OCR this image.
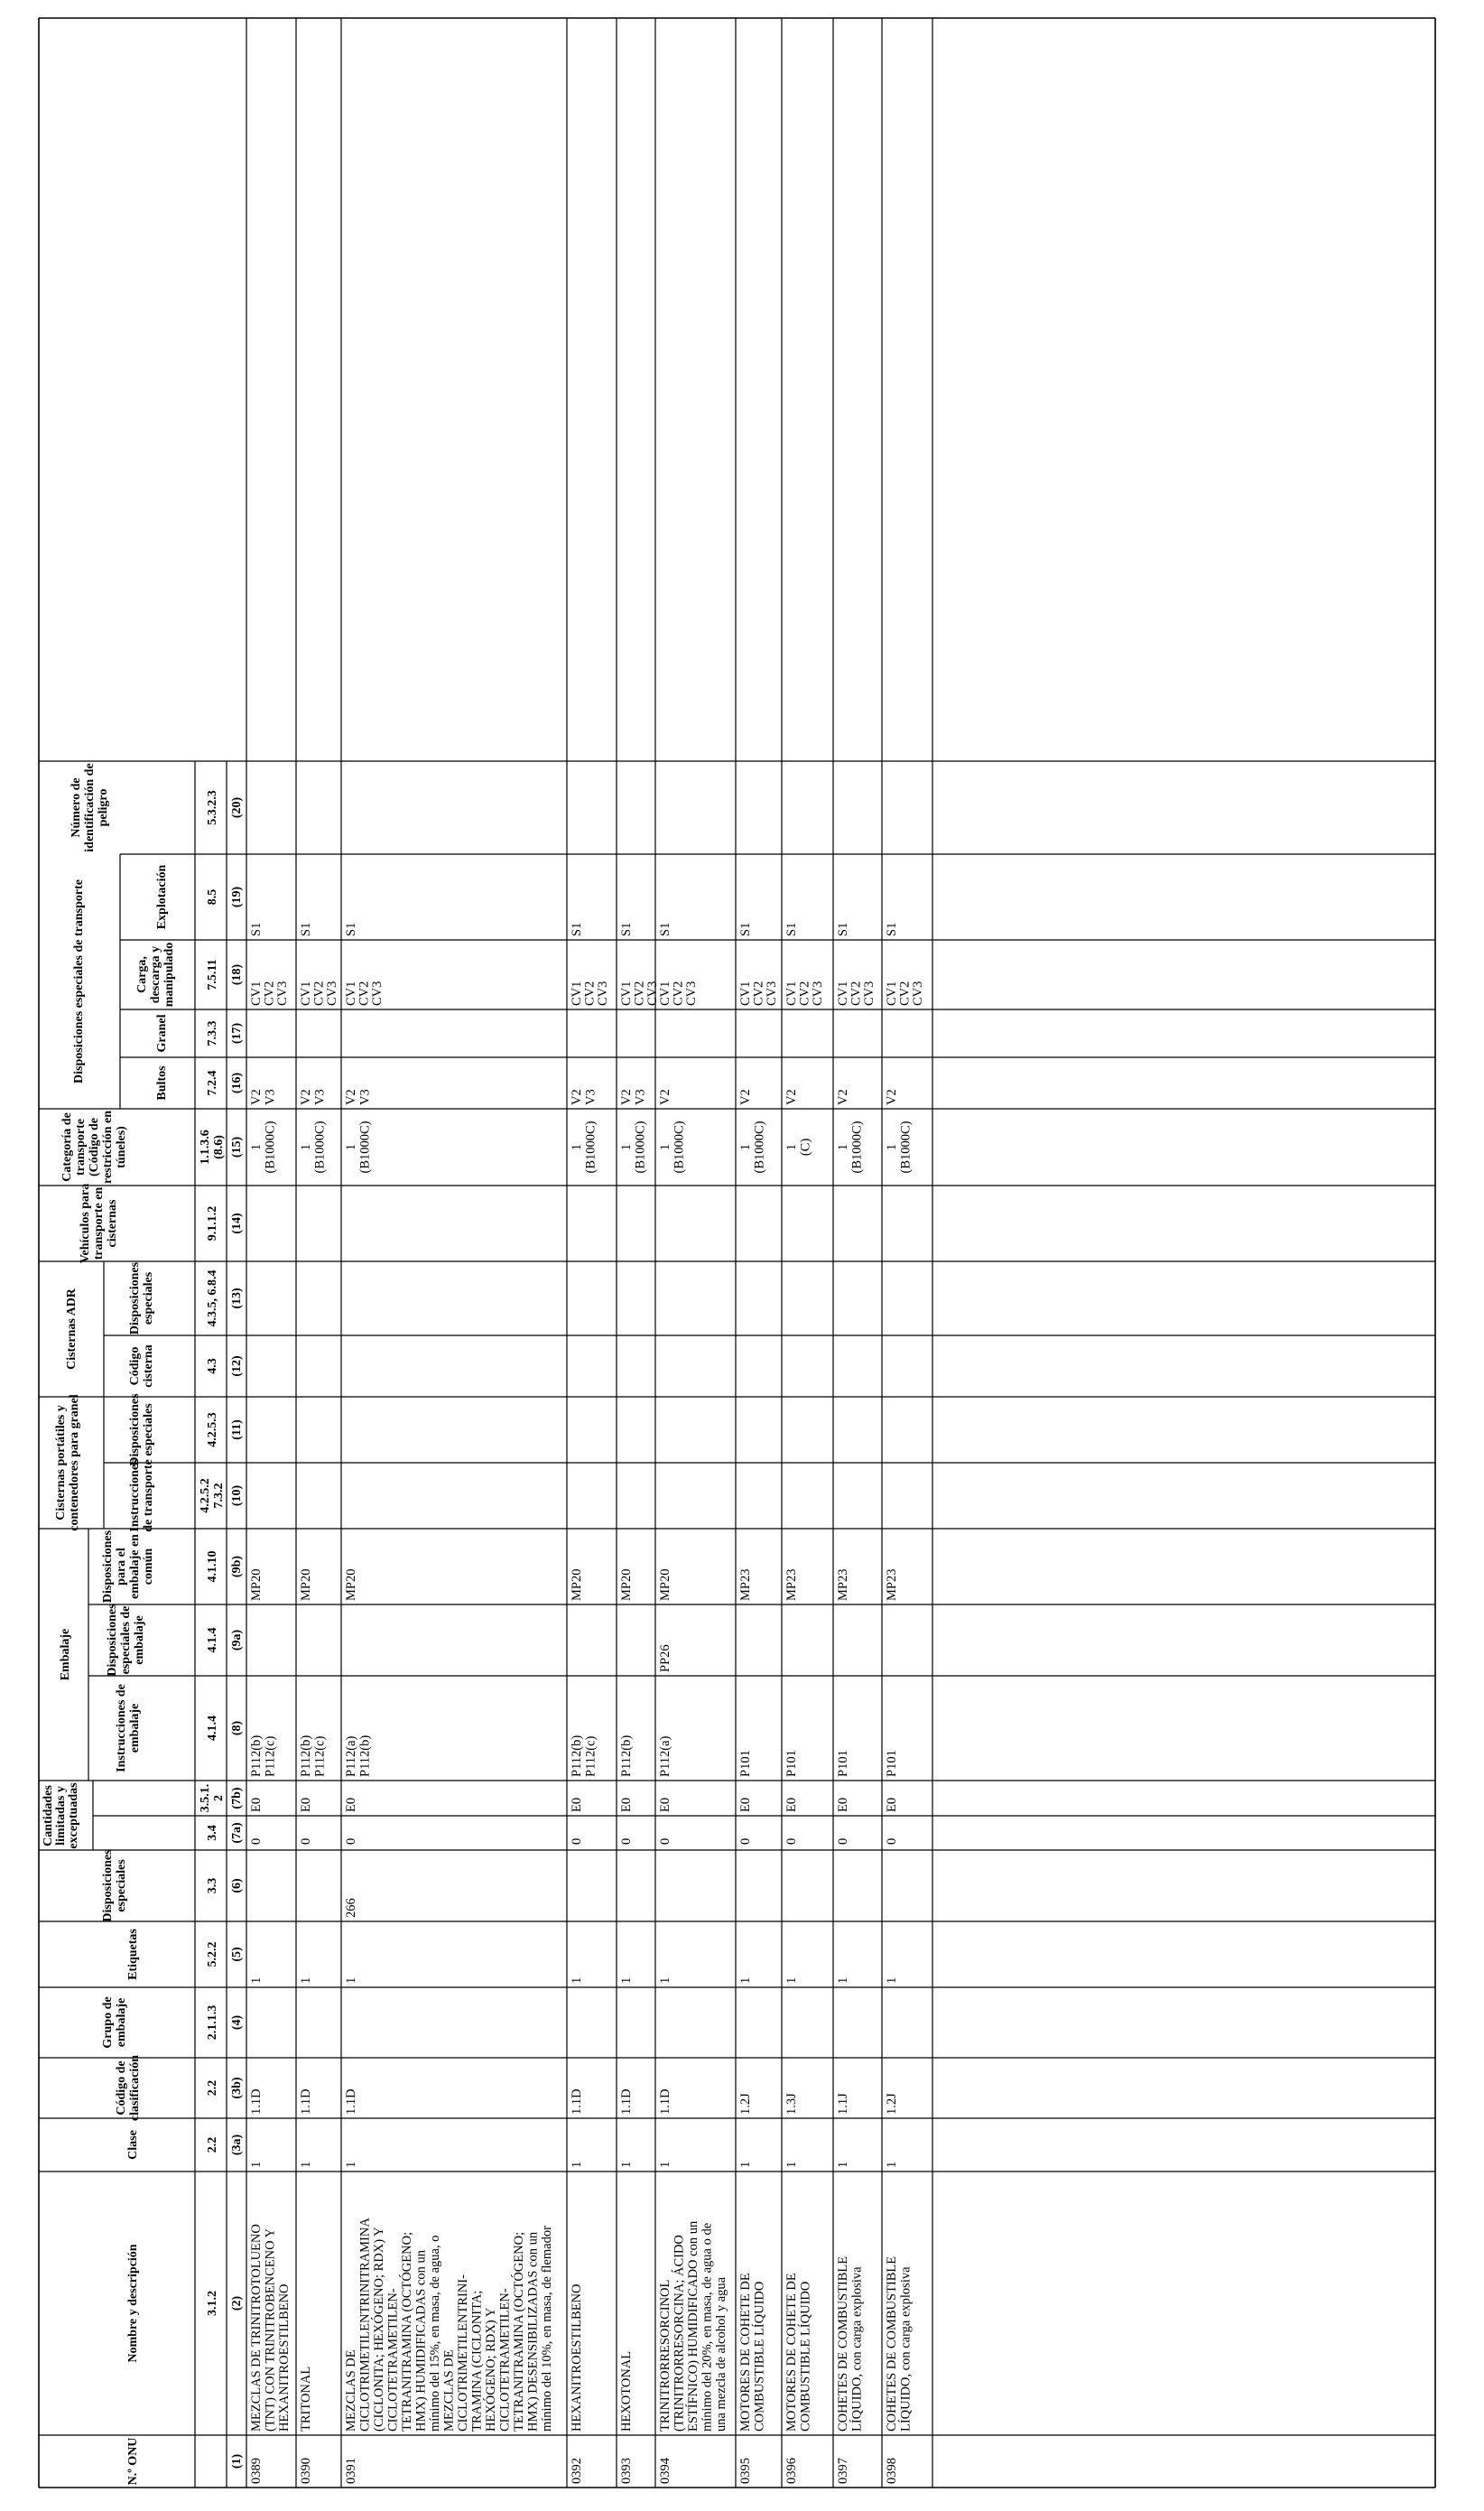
Cantidades limitadas y exceptuadas
Embalaje
Cisternas portátiles y contenedores para granel
Cisternas ADR
Disposiciones especiales de transporte
N.º ONU
Nombre y descripción
Clase
Código de clasificación
Grupo de embalaje
Etiquetas
Disposiciones especiales
Instrucciones de embalaje
Disposiciones especiales de embalaje
Disposiciones para el embalaje en común
Instrucciones de transporte
Disposiciones especiales
Código cisterna
Disposiciones especiales
Vehículos para transporte en cisternas
Categoría de transporte (Código de restricción en túneles)
Bultos
Granel
Carga, descarga y manipulado
Explotación
Número de identificación de peligro
3.1.2
2.2
2.2
2.1.1.3
5.2.2
3.3
3.4
3.5.1. 2
4.1.4
4.1.4
4.1.10
4.2.5.2 7.3.2
4.2.5.3
4.3
4.3.5, 6.8.4
9.1.1.2
1.1.3.6 (8.6)
7.2.4
7.3.3
7.5.11
8.5
5.3.2.3
(1)
(2)
(3a)
(3b)
(4)
(5)
(6)
(7a)
(7b)
(8)
(9a)
(9b)
(10)
(11)
(12)
(13)
(14)
(15)
(16)
(17)
(18)
(19)
(20)
0389
MEZCLAS DE TRINITROTOLUENO (TNT) CON TRINITROBENCENO Y HEXANITROESTILBENO
1
1.1D
1
0
E0
P112(b) P112(c)
MP20
1 (B1000C)
V2 V3
CV1
CV2
CV3
S1
0390
TRITONAL
1
1.1D
1
0
E0
P112(b) P112(c)
MP20
1 (B1000C)
V2 V3
CV1
CV2
CV3
S1
0391
MEZCLAS DE CICLOTRIMETILENTRINITRAMINA (CICLONITA; HEXÓGENO; RDX) Y CICLOTETRAMETILEN- TETRANITRAMINA (OCTÓGENO; HMX) HUMIDIFICADAS con un mínimo del 15%, en masa, de agua, o MEZCLAS DE CICLOTRIMETILENTRINI- TRAMINA (CICLONITA; HEXÓGENO; RDX) Y CICLOTETRAMETILEN- TETRANITRAMINA (OCTÓGENO; HMX) DESENSIBILIZADAS con un mínimo del 10%, en masa, de flemador
1
1.1D
1
266
0
E0
P112(a) P112(b)
MP20
1 (B1000C)
V2 V3
CV1
CV2
CV3
S1
0392
HEXANITROESTILBENO
1
1.1D
1
0
E0
P112(b) P112(c)
MP20
1 (B1000C)
V2 V3
CV1
CV2
CV3
S1
0393
HEXOTONAL
1
1.1D
1
0
E0
P112(b)
MP20
1 (B1000C)
V2 V3
CV1
CV2
CV3
S1
0394
TRINITRORRESORCINOL (TRINITRORRESORCINA; ÁCIDO ESTÍFNICO) HUMIDIFICADO con un mínimo del 20%, en masa, de agua o de una mezcla de alcohol y agua
1
1.1D
1
0
E0
P112(a)
PP26
MP20
1 (B1000C)
V2
CV1
CV2
CV3
S1
0395
MOTORES DE COHETE DE COMBUSTIBLE LÍQUIDO
1
1.2J
1
0
E0
P101
MP23
1 (B1000C)
V2
CV1
CV2
CV3
S1
0396
MOTORES DE COHETE DE COMBUSTIBLE LÍQUIDO
1
1.3J
1
0
E0
P101
MP23
1 (C)
V2
CV1
CV2
CV3
S1
0397
COHETES DE COMBUSTIBLE LÍQUIDO, con carga explosiva
1
1.1J
1
0
E0
P101
MP23
1 (B1000C)
V2
CV1
CV2
CV3
S1
0398
COHETES DE COMBUSTIBLE LÍQUIDO, con carga explosiva
1
1.2J
1
0
E0
P101
MP23
1 (B1000C)
V2
CV1
CV2
CV3
S1
